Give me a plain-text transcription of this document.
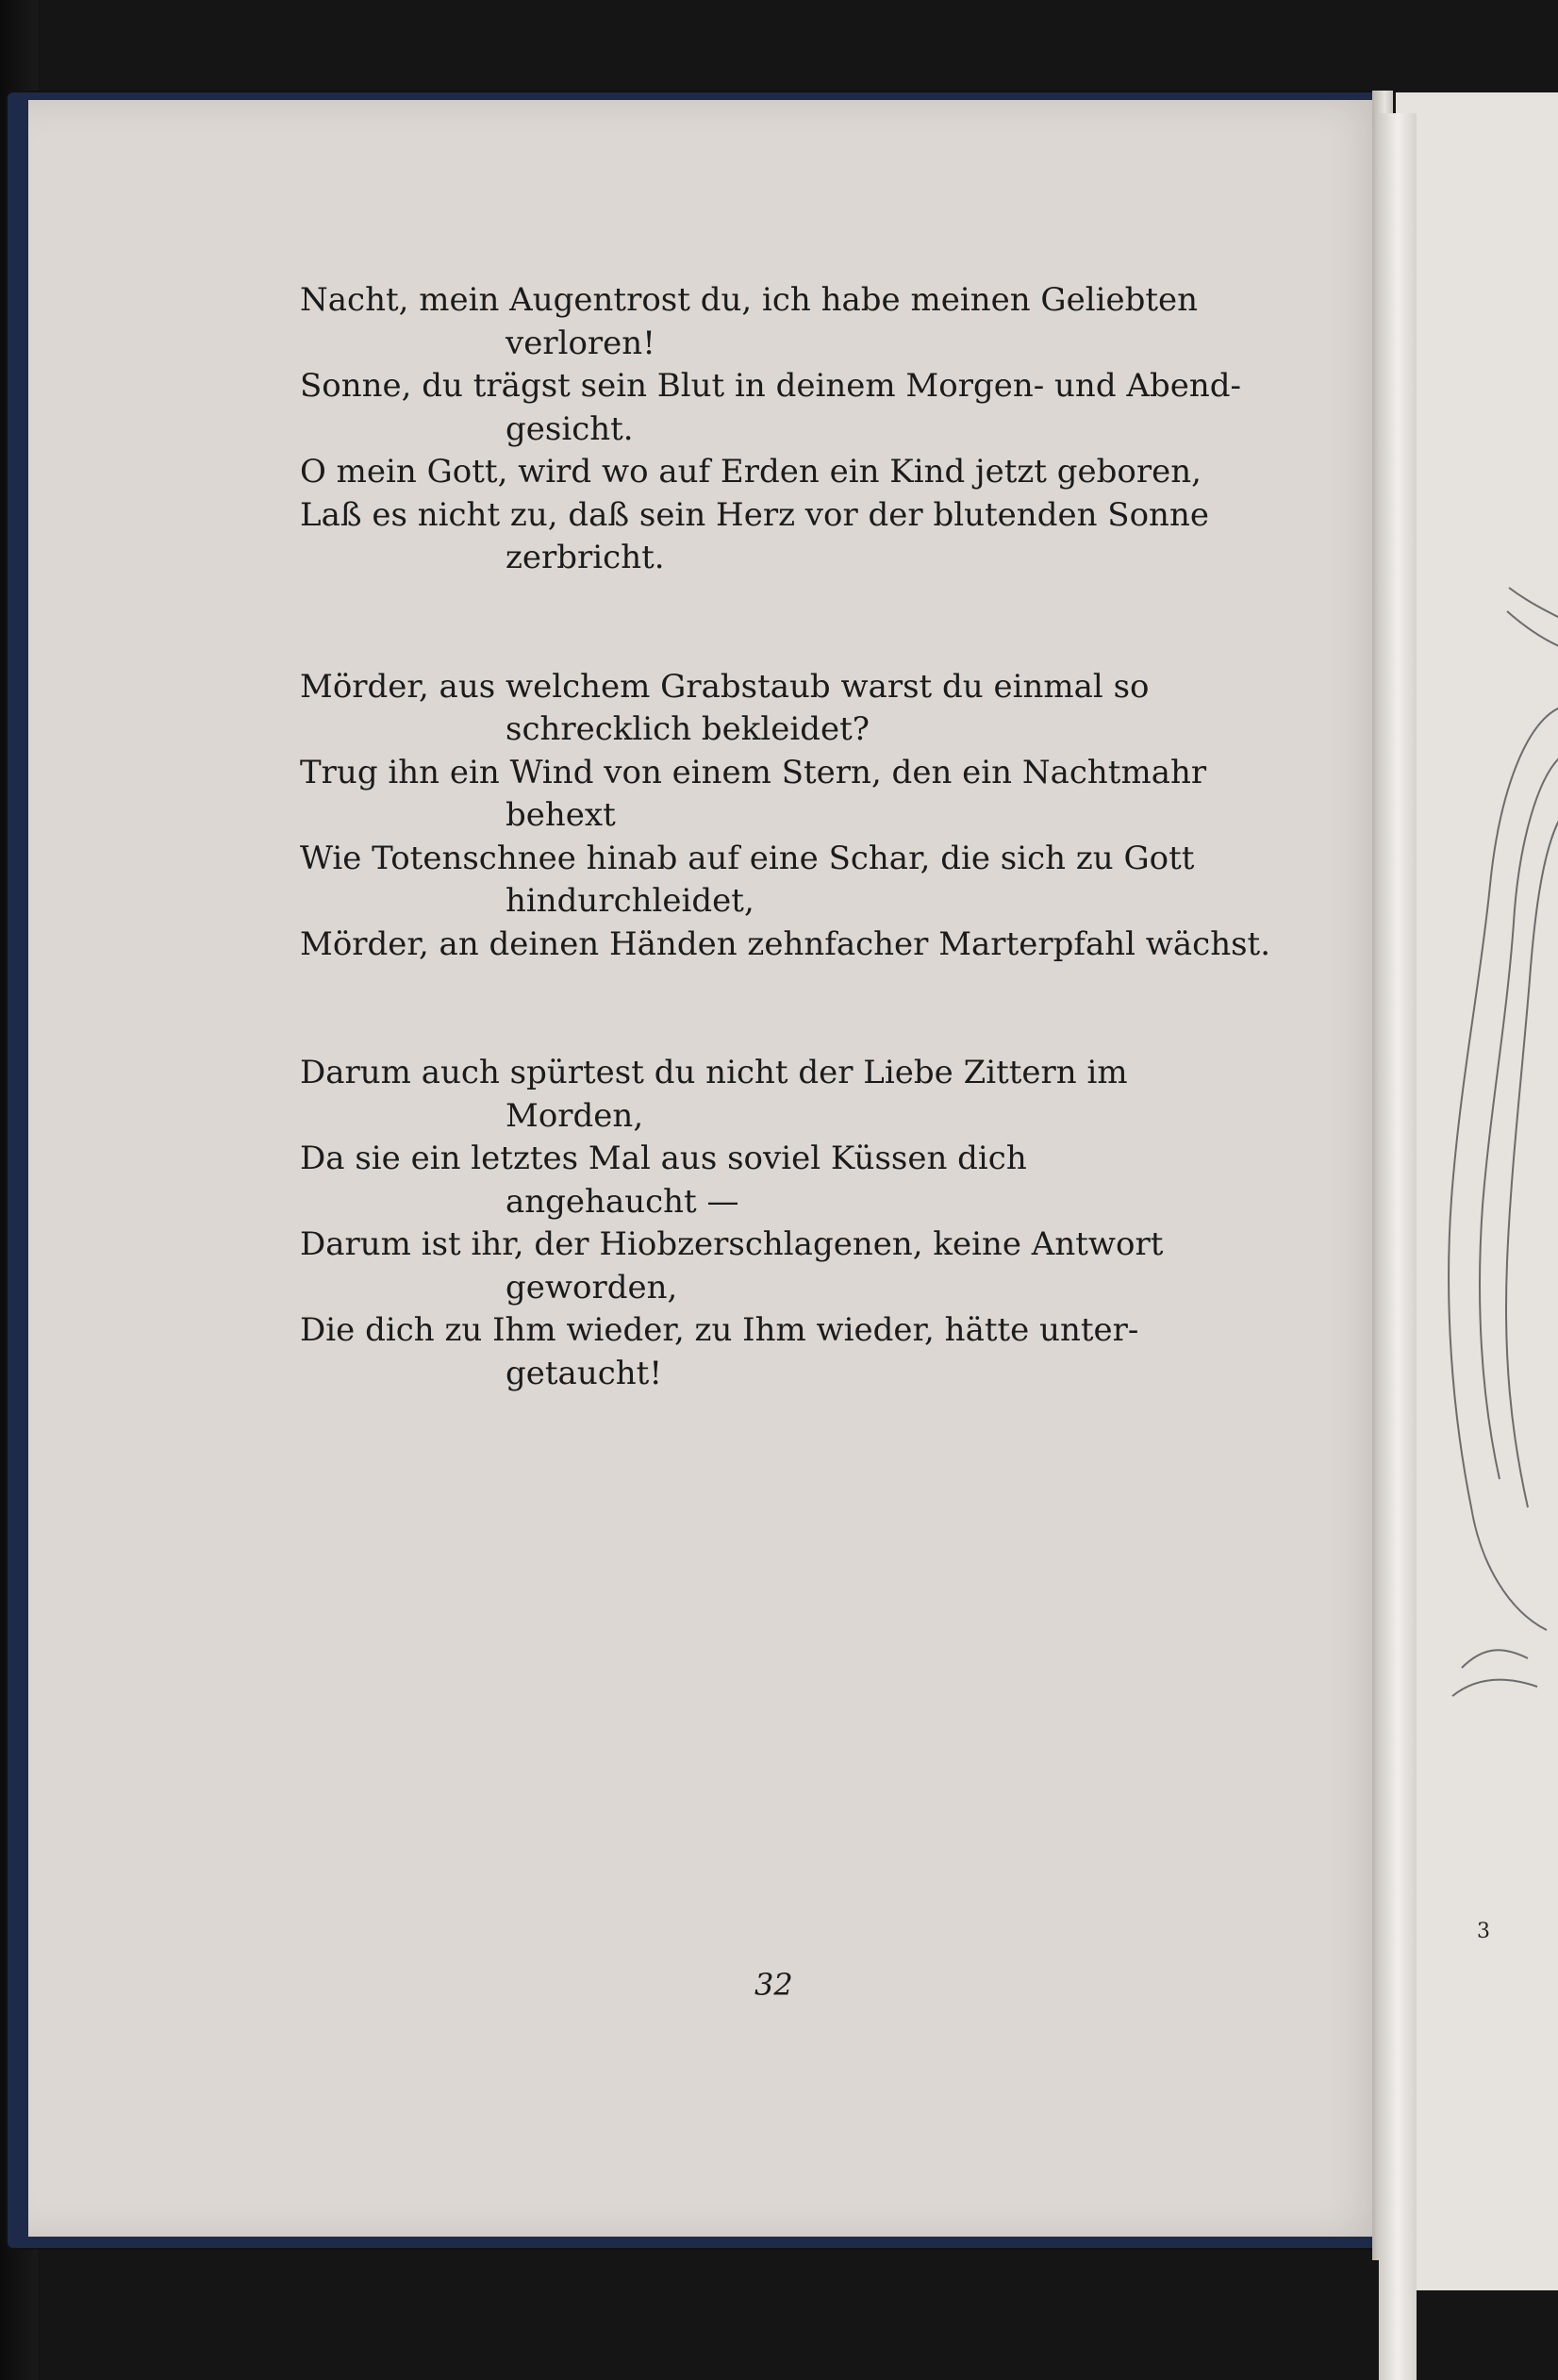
3
Nacht, mein Augentrost du, ich habe meinen Geliebten
verloren!
Sonne, du trägst sein Blut in deinem Morgen- und Abend-
gesicht.
O mein Gott, wird wo auf Erden ein Kind jetzt geboren,
Laß es nicht zu, daß sein Herz vor der blutenden Sonne
zerbricht.
Mörder, aus welchem Grabstaub warst du einmal so
schrecklich bekleidet?
Trug ihn ein Wind von einem Stern, den ein Nachtmahr
behext
Wie Totenschnee hinab auf eine Schar, die sich zu Gott
hindurchleidet,
Mörder, an deinen Händen zehnfacher Marterpfahl wächst.
Darum auch spürtest du nicht der Liebe Zittern im
Morden,
Da sie ein letztes Mal aus soviel Küssen dich
angehaucht —
Darum ist ihr, der Hiobzerschlagenen, keine Antwort
geworden,
Die dich zu Ihm wieder, zu Ihm wieder, hätte unter-
getaucht!
32
